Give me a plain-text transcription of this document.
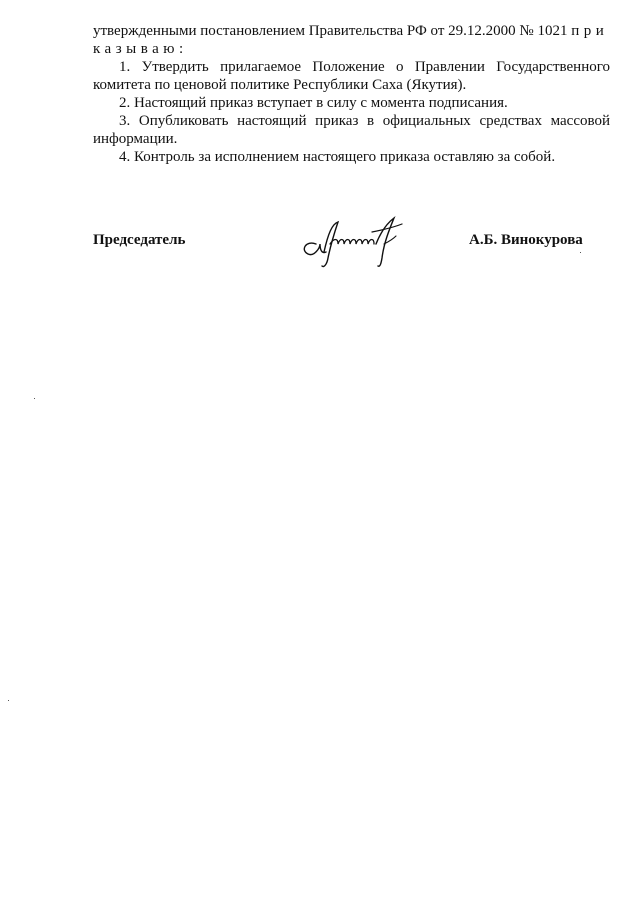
утвержденными постановлением Правительства РФ от 29.12.2000 № 1021 при
казываю:

1. Утвердить прилагаемое Положение о Правлении Государственного комитета по ценовой политике Республики Саха (Якутия).

2. Настоящий приказ вступает в силу с момента подписания.

3. Опубликовать настоящий приказ в официальных средствах массовой информации.

4. Контроль за исполнением настоящего приказа оставляю за собой.

Председатель	А.Б. Винокурова
